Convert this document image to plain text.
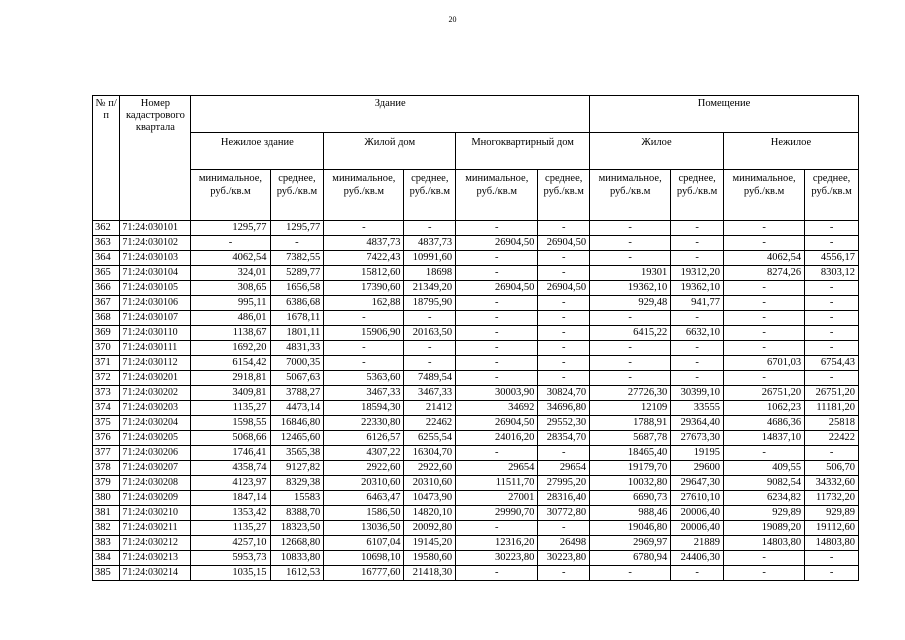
20
№ п/п	Номер кадастрового квартала	Здание						Помещение			
		Нежилое здание		Жилой дом		Многоквартирный дом		Жилое		Нежилое	
		минимальное, руб./кв.м	среднее, руб./кв.м	минимальное, руб./кв.м	среднее, руб./кв.м	минимальное, руб./кв.м	среднее, руб./кв.м	минимальное, руб./кв.м	среднее, руб./кв.м	минимальное, руб./кв.м	среднее, руб./кв.м
362	71:24:030101	1295,77	1295,77	-	-	-	-	-	-	-	-
363	71:24:030102	-	-	4837,73	4837,73	26904,50	26904,50	-	-	-	-
364	71:24:030103	4062,54	7382,55	7422,43	10991,60	-	-	-	-	4062,54	4556,17
365	71:24:030104	324,01	5289,77	15812,60	18698	-	-	19301	19312,20	8274,26	8303,12
366	71:24:030105	308,65	1656,58	17390,60	21349,20	26904,50	26904,50	19362,10	19362,10	-	-
367	71:24:030106	995,11	6386,68	162,88	18795,90	-	-	929,48	941,77	-	-
368	71:24:030107	486,01	1678,11	-	-	-	-	-	-	-	-
369	71:24:030110	1138,67	1801,11	15906,90	20163,50	-	-	6415,22	6632,10	-	-
370	71:24:030111	1692,20	4831,33	-	-	-	-	-	-	-	-
371	71:24:030112	6154,42	7000,35	-	-	-	-	-	-	6701,03	6754,43
372	71:24:030201	2918,81	5067,63	5363,60	7489,54	-	-	-	-	-	-
373	71:24:030202	3409,81	3788,27	3467,33	3467,33	30003,90	30824,70	27726,30	30399,10	26751,20	26751,20
374	71:24:030203	1135,27	4473,14	18594,30	21412	34692	34696,80	12109	33555	1062,23	11181,20
375	71:24:030204	1598,55	16846,80	22330,80	22462	26904,50	29552,30	1788,91	29364,40	4686,36	25818
376	71:24:030205	5068,66	12465,60	6126,57	6255,54	24016,20	28354,70	5687,78	27673,30	14837,10	22422
377	71:24:030206	1746,41	3565,38	4307,22	16304,70	-	-	18465,40	19195	-	-
378	71:24:030207	4358,74	9127,82	2922,60	2922,60	29654	29654	19179,70	29600	409,55	506,70
379	71:24:030208	4123,97	8329,38	20310,60	20310,60	11511,70	27995,20	10032,80	29647,30	9082,54	34332,60
380	71:24:030209	1847,14	15583	6463,47	10473,90	27001	28316,40	6690,73	27610,10	6234,82	11732,20
381	71:24:030210	1353,42	8388,70	1586,50	14820,10	29990,70	30772,80	988,46	20006,40	929,89	929,89
382	71:24:030211	1135,27	18323,50	13036,50	20092,80	-	-	19046,80	20006,40	19089,20	19112,60
383	71:24:030212	4257,10	12668,80	6107,04	19145,20	12316,20	26498	2969,97	21889	14803,80	14803,80
384	71:24:030213	5953,73	10833,80	10698,10	19580,60	30223,80	30223,80	6780,94	24406,30	-	-
385	71:24:030214	1035,15	1612,53	16777,60	21418,30	-	-	-	-	-	-
